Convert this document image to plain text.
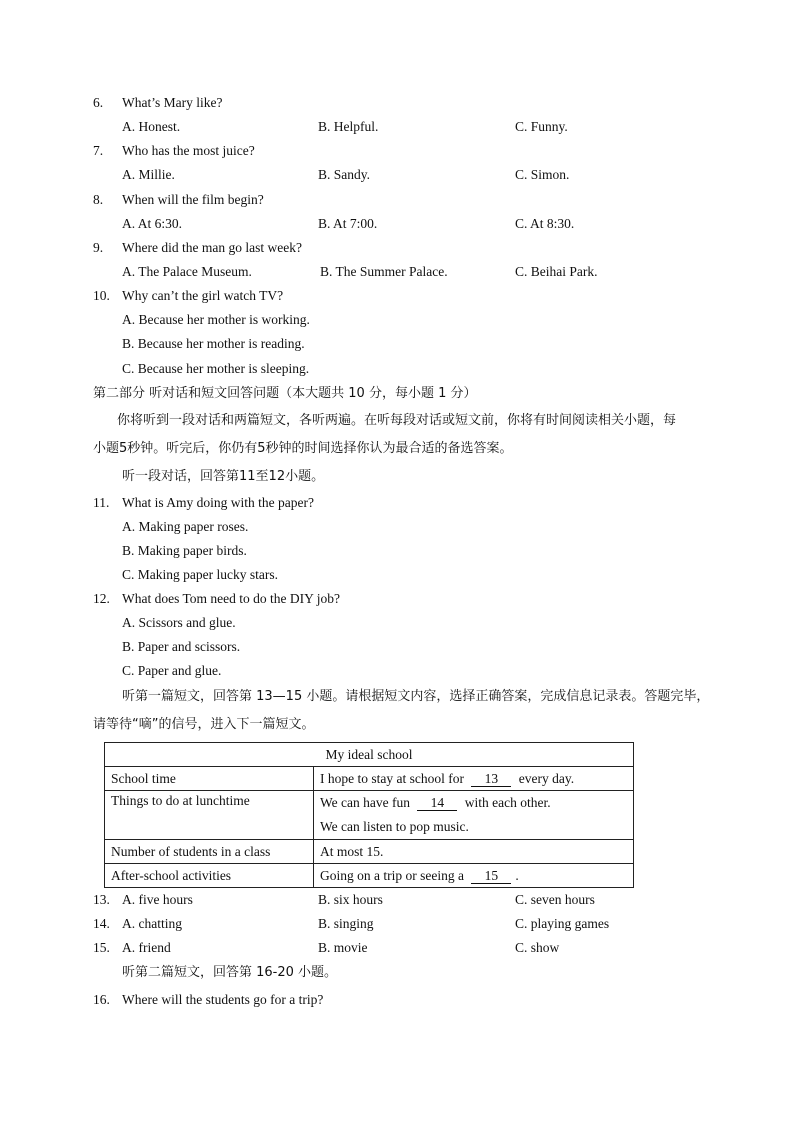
6. What’s Mary like?
A. Honest.	B. Helpful.	C. Funny.
7. Who has the most juice?
A. Millie.	B. Sandy.	C. Simon.
8. When will the film begin?
A. At 6:30.	B. At 7:00.	C. At 8:30.
9. Where did the man go last week?
A. The Palace Museum.	B. The Summer Palace.	C. Beihai Park.
10. Why can’t the girl watch TV?
A. Because her mother is working.
B. Because her mother is reading.
C. Because her mother is sleeping.
第二部分 听对话和短文回答问题（本大题共 10 分，每小题 1 分）
你将听到一段对话和两篇短文，各听两遍。在听每段对话或短文前，你将有时间阅读相关小题，每
小题5秒钟。听完后，你仍有5秒钟的时间选择你认为最合适的备选答案。
听一段对话，回答第11至12小题。
11. What is Amy doing with the paper?
A. Making paper roses.
B. Making paper birds.
C. Making paper lucky stars.
12. What does Tom need to do the DIY job?
A. Scissors and glue.
B. Paper and scissors.
C. Paper and glue.
听第一篇短文，回答第 13—15 小题。请根据短文内容，选择正确答案，完成信息记录表。答题完毕，
请等待“嘀”的信号，进入下一篇短文。
My ideal school	
School time	I hope to stay at school for 13 every day.
Things to do at lunchtime	We can have fun 14 with each other.
We can listen to pop music.

Number of students in a class	At most 15.
After-school activities	Going on a trip or seeing a 15 .
13. A. five hours	B. six hours	C. seven hours
14. A. chatting	B. singing	C. playing games
15. A. friend	B. movie	C. show
听第二篇短文，回答第 16-20 小题。
16. Where will the students go for a trip?
